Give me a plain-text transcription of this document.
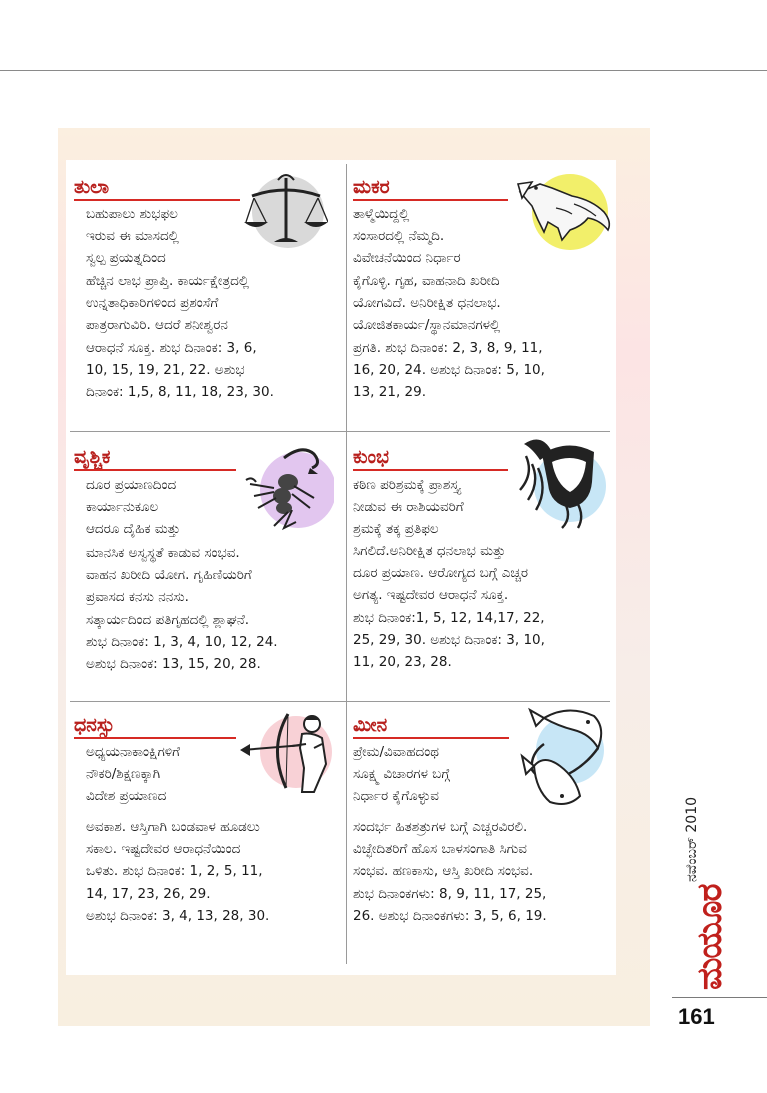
ತುಲಾ
ಬಹುಪಾಲು ಶುಭಫಲ
ಇರುವ ಈ ಮಾಸದಲ್ಲಿ
ಸ್ವಲ್ಪ ಪ್ರಯತ್ನದಿಂದ
ಹೆಚ್ಚಿನ ಲಾಭ ಪ್ರಾಪ್ತಿ. ಕಾರ್ಯಕ್ಷೇತ್ರದಲ್ಲಿ
ಉನ್ನತಾಧಿಕಾರಿಗಳಿಂದ ಪ್ರಶಂಸೆಗೆ
ಪಾತ್ರರಾಗುವಿರಿ. ಆದರೆ ಶನೀಶ್ವರನ
ಆರಾಧನೆ ಸೂಕ್ತ. ಶುಭ ದಿನಾಂಕ: 3, 6,
10, 15, 19, 21, 22. ಅಶುಭ
ದಿನಾಂಕ: 1,5, 8, 11, 18, 23, 30.
ಮಕರ
ತಾಳ್ಮೆಯಿದ್ದಲ್ಲಿ
ಸಂಸಾರದಲ್ಲಿ ನೆಮ್ಮದಿ.
ವಿವೇಚನೆಯಿಂದ ನಿರ್ಧಾರ
ಕೈಗೊಳ್ಳಿ. ಗೃಹ, ವಾಹನಾದಿ ಖರೀದಿ
ಯೋಗವಿದೆ. ಅನಿರೀಕ್ಷಿತ ಧನಲಾಭ.
ಯೋಜಿತಕಾರ್ಯ/ಸ್ಥಾನಮಾನಗಳಲ್ಲಿ
ಪ್ರಗತಿ. ಶುಭ ದಿನಾಂಕ: 2, 3, 8, 9, 11,
16, 20, 24. ಅಶುಭ ದಿನಾಂಕ: 5, 10,
13, 21, 29.
ವೃಶ್ಚಿಕ
ದೂರ ಪ್ರಯಾಣದಿಂದ
ಕಾರ್ಯಾನುಕೂಲ
ಆದರೂ ದೈಹಿಕ ಮತ್ತು
ಮಾನಸಿಕ ಅಸ್ವಸ್ಥತೆ ಕಾಡುವ ಸಂಭವ.
ವಾಹನ ಖರೀದಿ ಯೋಗ. ಗೃಹಿಣಿಯರಿಗೆ
ಪ್ರವಾಸದ ಕನಸು ನನಸು.
ಸತ್ಕಾರ್ಯದಿಂದ ಪತಿಗೃಹದಲ್ಲಿ ಶ್ಲಾಘನೆ.
ಶುಭ ದಿನಾಂಕ: 1, 3, 4, 10, 12, 24.
ಅಶುಭ ದಿನಾಂಕ: 13, 15, 20, 28.
ಕುಂಭ
ಕಠಿಣ ಪರಿಶ್ರಮಕ್ಕೆ ಪ್ರಾಶಸ್ತ್ಯ
ನೀಡುವ ಈ ರಾಶಿಯವರಿಗೆ
ಶ್ರಮಕ್ಕೆ ತಕ್ಕ ಪ್ರತಿಫಲ
ಸಿಗಲಿದೆ.ಅನಿರೀಕ್ಷಿತ ಧನಲಾಭ ಮತ್ತು
ದೂರ ಪ್ರಯಾಣ. ಆರೋಗ್ಯದ ಬಗ್ಗೆ ಎಚ್ಚರ
ಅಗತ್ಯ. ಇಷ್ಟದೇವರ ಆರಾಧನೆ ಸೂಕ್ತ.
ಶುಭ ದಿನಾಂಕ:1, 5, 12, 14,17, 22,
25, 29, 30. ಅಶುಭ ದಿನಾಂಕ: 3, 10,
11, 20, 23, 28.
ಧನಸ್ಸು
ಅಧ್ಯಯನಾಕಾಂಕ್ಷಿಗಳಿಗೆ
ನೌಕರಿ/ಶಿಕ್ಷಣಕ್ಕಾಗಿ
ವಿದೇಶ ಪ್ರಯಾಣದ
ಅವಕಾಶ. ಆಸ್ತಿಗಾಗಿ ಬಂಡವಾಳ ಹೂಡಲು
ಸಕಾಲ. ಇಷ್ಟದೇವರ ಆರಾಧನೆಯಿಂದ
ಒಳಿತು. ಶುಭ ದಿನಾಂಕ: 1, 2, 5, 11,
14, 17, 23, 26, 29.
ಅಶುಭ ದಿನಾಂಕ: 3, 4, 13, 28, 30.
ಮೀನ
ಪ್ರೇಮ/ವಿವಾಹದಂಥ
ಸೂಕ್ಷ್ಮ ವಿಚಾರಗಳ ಬಗ್ಗೆ
ನಿರ್ಧಾರ ಕೈಗೊಳ್ಳುವ
ಸಂದರ್ಭ ಹಿತಶತ್ರುಗಳ ಬಗ್ಗೆ ಎಚ್ಚರವಿರಲಿ.
ವಿಚ್ಛೇದಿತರಿಗೆ ಹೊಸ ಬಾಳಸಂಗಾತಿ ಸಿಗುವ
ಸಂಭವ. ಹಣಕಾಸು, ಆಸ್ತಿ ಖರೀದಿ ಸಂಭವ.
ಶುಭ ದಿನಾಂಕಗಳು: 8, 9, 11, 17, 25,
26. ಅಶುಭ ದಿನಾಂಕಗಳು: 3, 5, 6, 19.
ನವೆಂಬರ್ 2010
ಮಯೂರ
161
